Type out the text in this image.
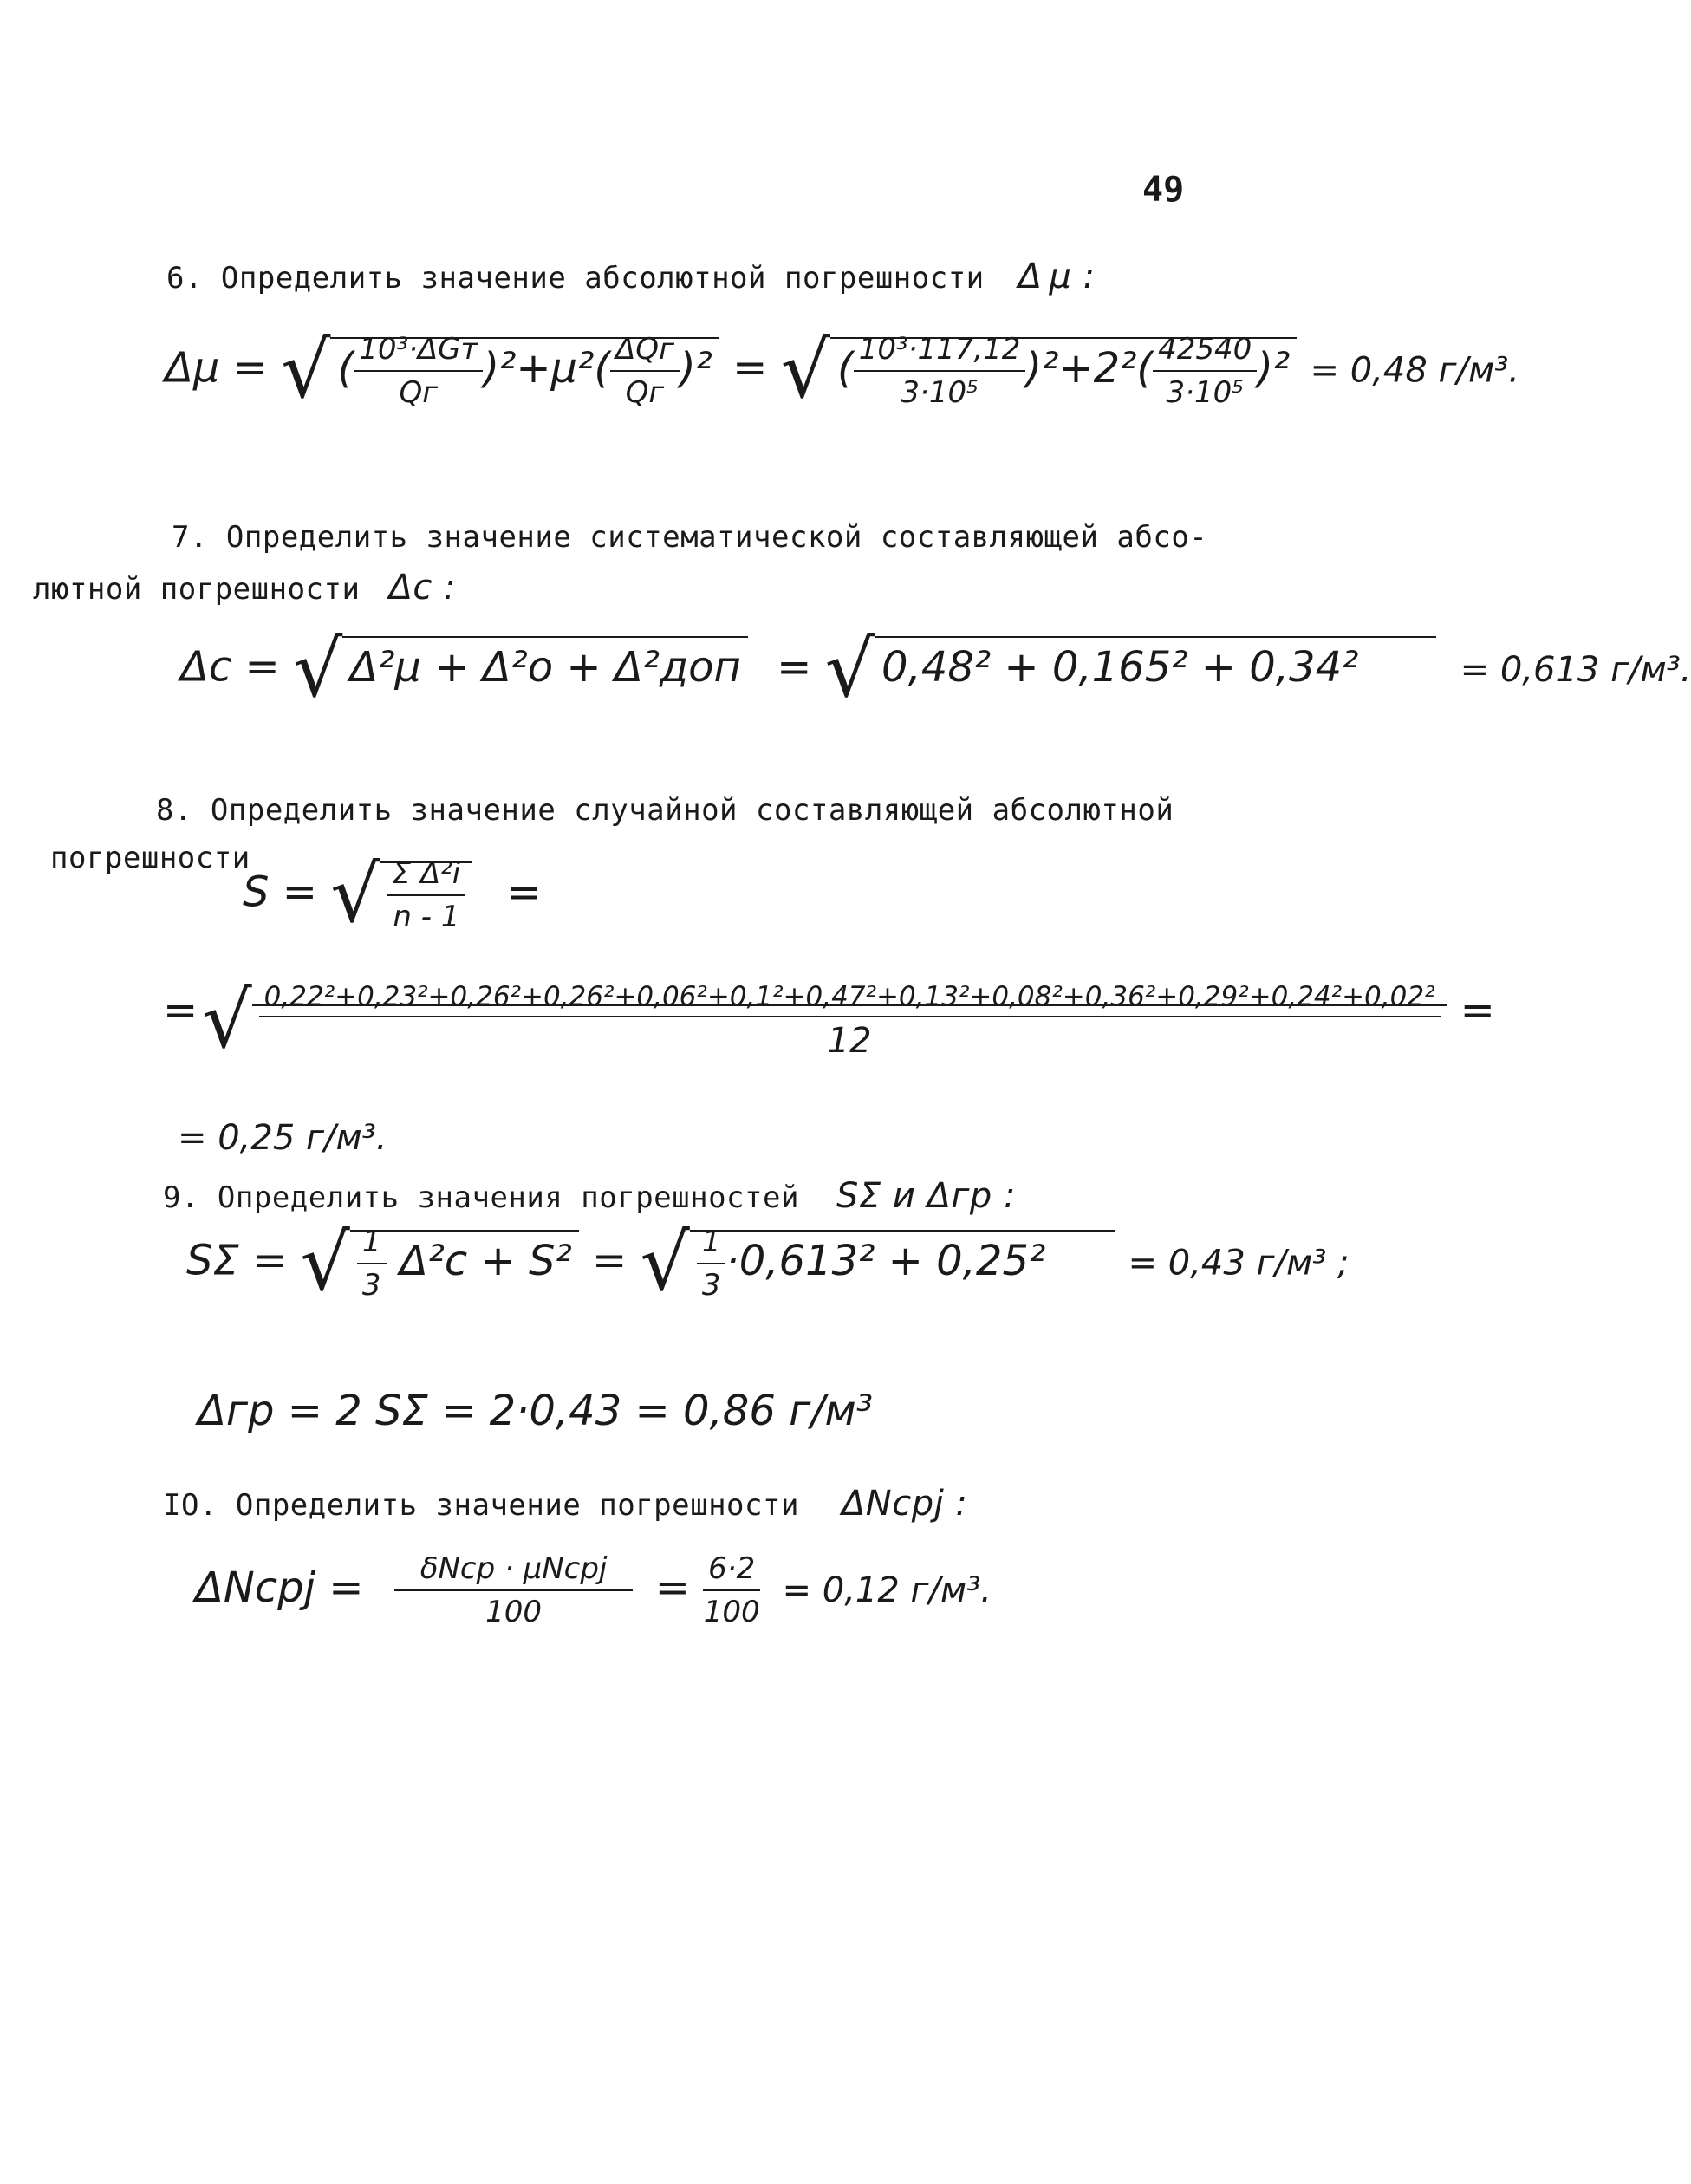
49
6. Определить значение абсолютной погрешности Δ μ :
Δμ = √ ( $\frac{\text{10³·ΔGт}}{Qг} )^2+\mu^2( \frac{\text{ΔQг}}{Qг} )^2$ = √ ( $\frac{\text{10³·117,12}}{\text{3·10⁵}} )^2+2^2( \frac{42540}{\text{3·10⁵}} )^2 = 0,48$ г/м³.
7. Определить значение систематической составляющей абсо-
лютной погрешности Δс :
Δс = √ Δ²μ + Δ²о + Δ²доп = √ 0,48² + 0,165² + 0,34²	= 0,613 г/м³.
8. Определить значение случайной составляющей абсолютной
погрешности
S = √ $\frac{\text{Σ Δ²i}}{n - 1}$ =
= √ 0,22²+0,23²+0,26²+0,26²+0,06²+0,1²+0,47²+0,13²+0,08²+0,36²+0,29²+0,24²+0,02²
12
=
= 0,25 г/м³.
9. Определить значения погрешностей SΣ и Δгр :
SΣ = √ $\frac{1}{3} \Delta^2с + S^2$ = √ $\frac{1}{3} \cdot 0,613^2 + 0,25^2 = 0,43$ г/м³ ;
Δгр = 2 SΣ = 2·0,43 = 0,86 г/м³
IO. Определить значение погрешности ΔNсрj :
ΔNсрj = $\frac{\text{δNср · μNсрj}}{100} = \frac{6\cdot 2}{100} = 0,12$ г/м³.
